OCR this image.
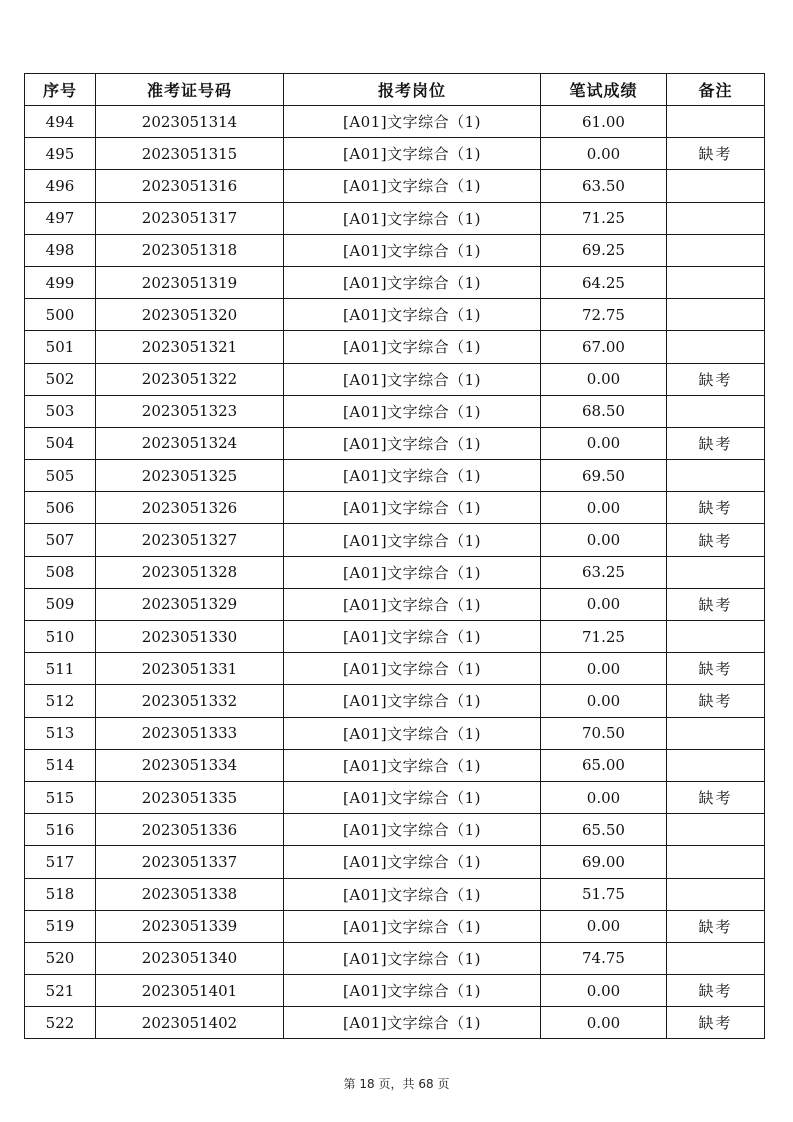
序号	准考证号码	报考岗位	笔试成绩	备注
494	2023051314	[A01]文字综合（1)	61.00	
495	2023051315	[A01]文字综合（1)	0.00	缺考
496	2023051316	[A01]文字综合（1)	63.50	
497	2023051317	[A01]文字综合（1)	71.25	
498	2023051318	[A01]文字综合（1)	69.25	
499	2023051319	[A01]文字综合（1)	64.25	
500	2023051320	[A01]文字综合（1)	72.75	
501	2023051321	[A01]文字综合（1)	67.00	
502	2023051322	[A01]文字综合（1)	0.00	缺考
503	2023051323	[A01]文字综合（1)	68.50	
504	2023051324	[A01]文字综合（1)	0.00	缺考
505	2023051325	[A01]文字综合（1)	69.50	
506	2023051326	[A01]文字综合（1)	0.00	缺考
507	2023051327	[A01]文字综合（1)	0.00	缺考
508	2023051328	[A01]文字综合（1)	63.25	
509	2023051329	[A01]文字综合（1)	0.00	缺考
510	2023051330	[A01]文字综合（1)	71.25	
511	2023051331	[A01]文字综合（1)	0.00	缺考
512	2023051332	[A01]文字综合（1)	0.00	缺考
513	2023051333	[A01]文字综合（1)	70.50	
514	2023051334	[A01]文字综合（1)	65.00	
515	2023051335	[A01]文字综合（1)	0.00	缺考
516	2023051336	[A01]文字综合（1)	65.50	
517	2023051337	[A01]文字综合（1)	69.00	
518	2023051338	[A01]文字综合（1)	51.75	
519	2023051339	[A01]文字综合（1)	0.00	缺考
520	2023051340	[A01]文字综合（1)	74.75	
521	2023051401	[A01]文字综合（1)	0.00	缺考
522	2023051402	[A01]文字综合（1)	0.00	缺考
第 18 页，共 68 页
